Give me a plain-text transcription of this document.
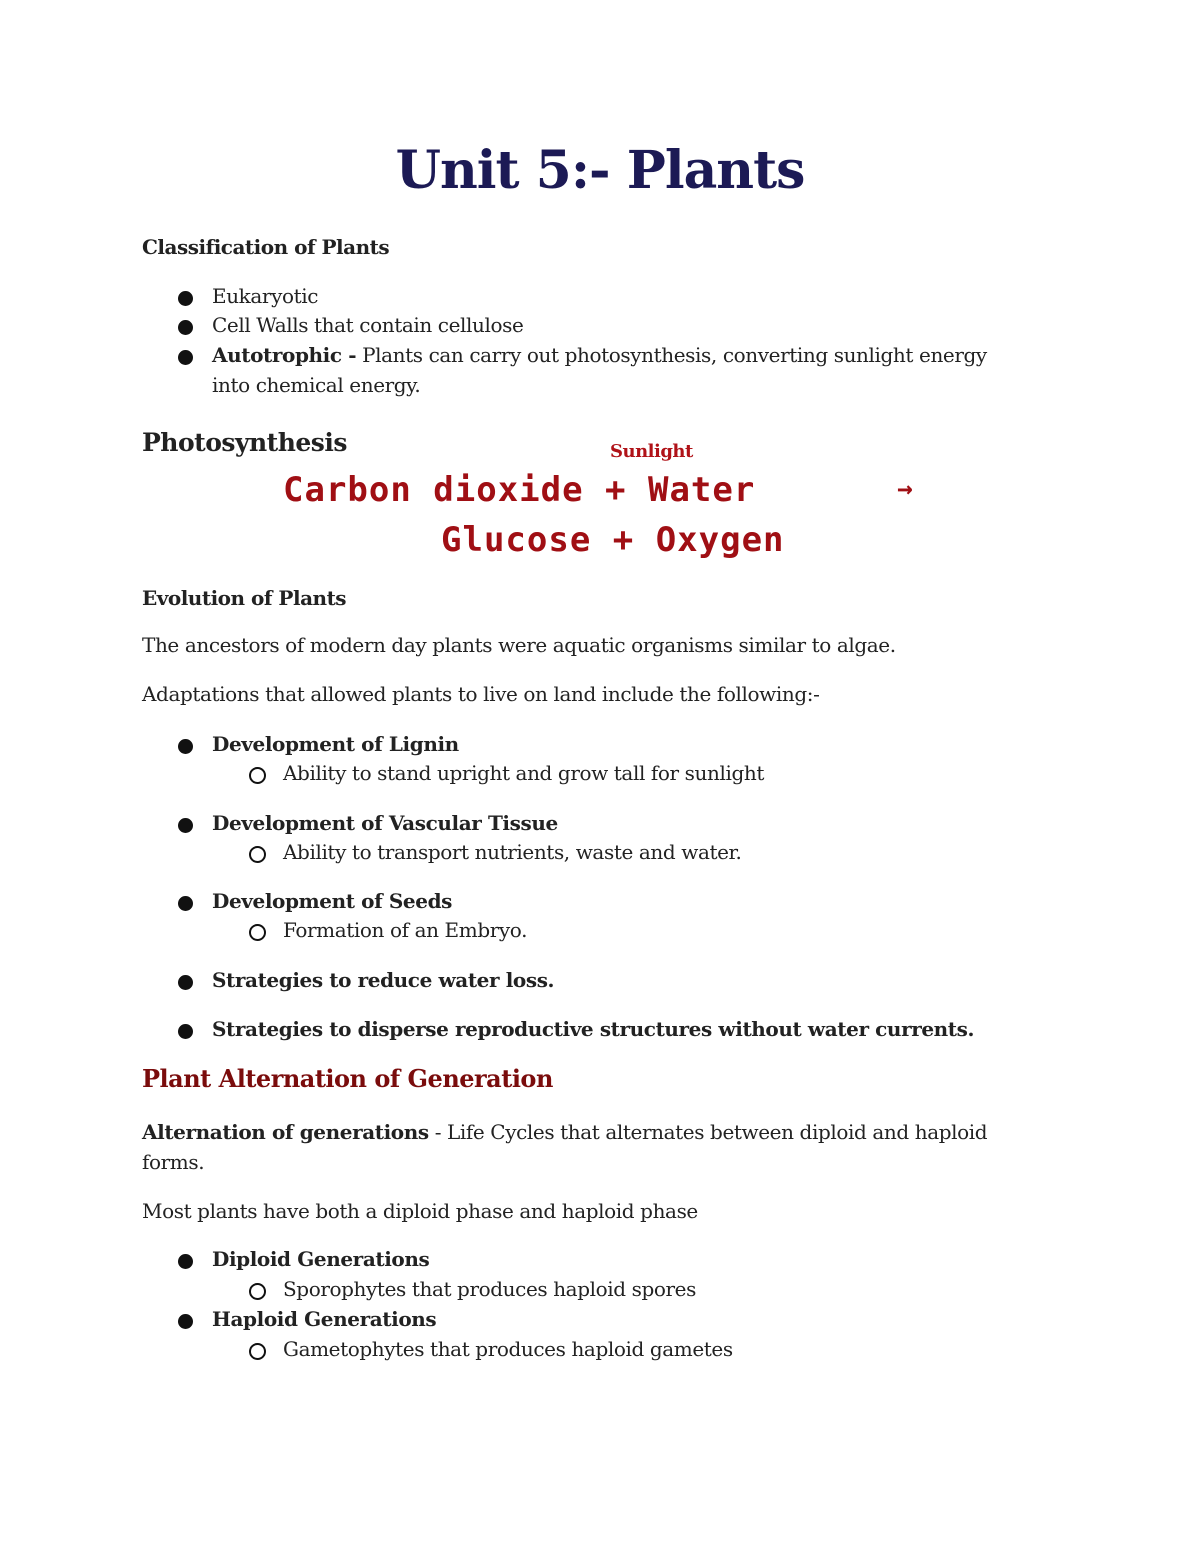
Unit 5:- Plants
Classification of Plants
Eukaryotic
Cell Walls that contain cellulose
Autotrophic - Plants can carry out photosynthesis, converting sunlight energy
into chemical energy.
Photosynthesis	Sunlight
Carbon dioxide + Water	→
Glucose + Oxygen
Evolution of Plants
The ancestors of modern day plants were aquatic organisms similar to algae.
Adaptations that allowed plants to live on land include the following:-
Development of Lignin
Ability to stand upright and grow tall for sunlight
Development of Vascular Tissue
Ability to transport nutrients, waste and water.
Development of Seeds
Formation of an Embryo.
Strategies to reduce water loss.
Strategies to disperse reproductive structures without water currents.
Plant Alternation of Generation
Alternation of generations - Life Cycles that alternates between diploid and haploid
forms.
Most plants have both a diploid phase and haploid phase
Diploid Generations
Sporophytes that produces haploid spores
Haploid Generations
Gametophytes that produces haploid gametes
